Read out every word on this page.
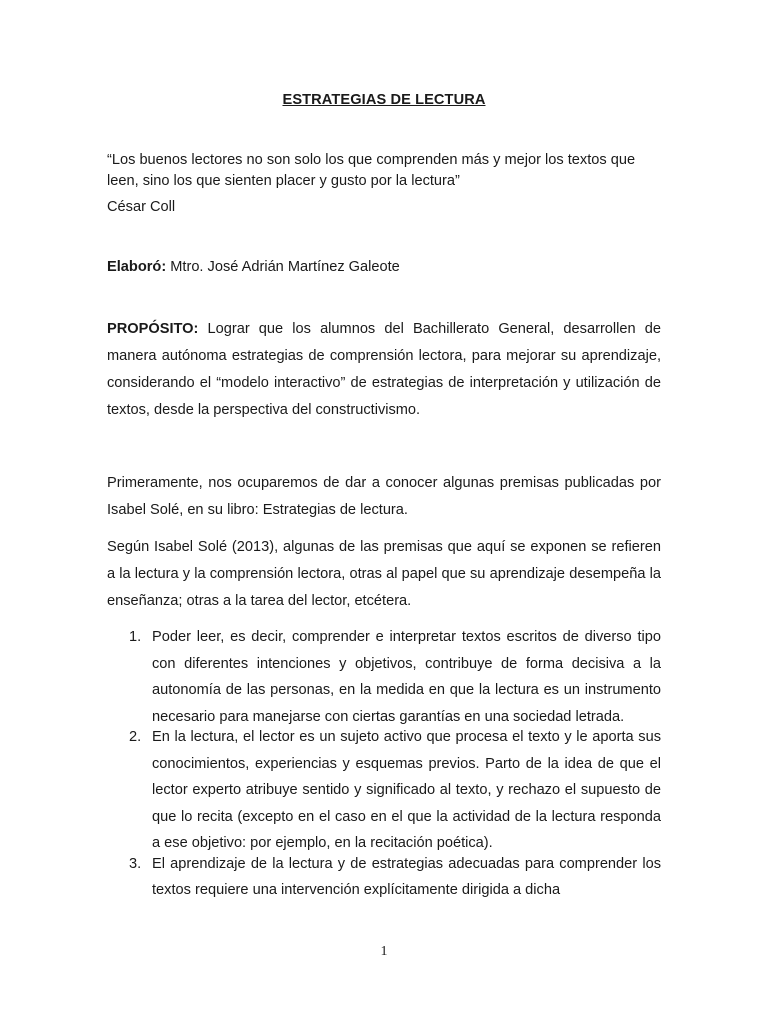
ESTRATEGIAS DE LECTURA
“Los buenos lectores no son solo los que comprenden más y mejor los textos que leen, sino los que sienten placer y gusto por la lectura”
César Coll
Elaboró: Mtro. José Adrián Martínez Galeote
PROPÓSITO: Lograr que los alumnos del Bachillerato General, desarrollen de manera autónoma estrategias de comprensión lectora, para mejorar su aprendizaje, considerando el “modelo interactivo” de estrategias de interpretación y utilización de textos, desde la perspectiva del constructivismo.
Primeramente, nos ocuparemos de dar a conocer algunas premisas publicadas por Isabel Solé, en su libro: Estrategias de lectura.
Según Isabel Solé (2013), algunas de las premisas que aquí se exponen se refieren a la lectura y la comprensión lectora, otras al papel que su aprendizaje desempeña la enseñanza; otras a la tarea del lector, etcétera.
1. Poder leer, es decir, comprender e interpretar textos escritos de diverso tipo con diferentes intenciones y objetivos, contribuye de forma decisiva a la autonomía de las personas, en la medida en que la lectura es un instrumento necesario para manejarse con ciertas garantías en una sociedad letrada.
2. En la lectura, el lector es un sujeto activo que procesa el texto y le aporta sus conocimientos, experiencias y esquemas previos. Parto de la idea de que el lector experto atribuye sentido y significado al texto, y rechazo el supuesto de que lo recita (excepto en el caso en el que la actividad de la lectura responda a ese objetivo: por ejemplo, en la recitación poética).
3. El aprendizaje de la lectura y de estrategias adecuadas para comprender los textos requiere una intervención explícitamente dirigida a dicha
1
